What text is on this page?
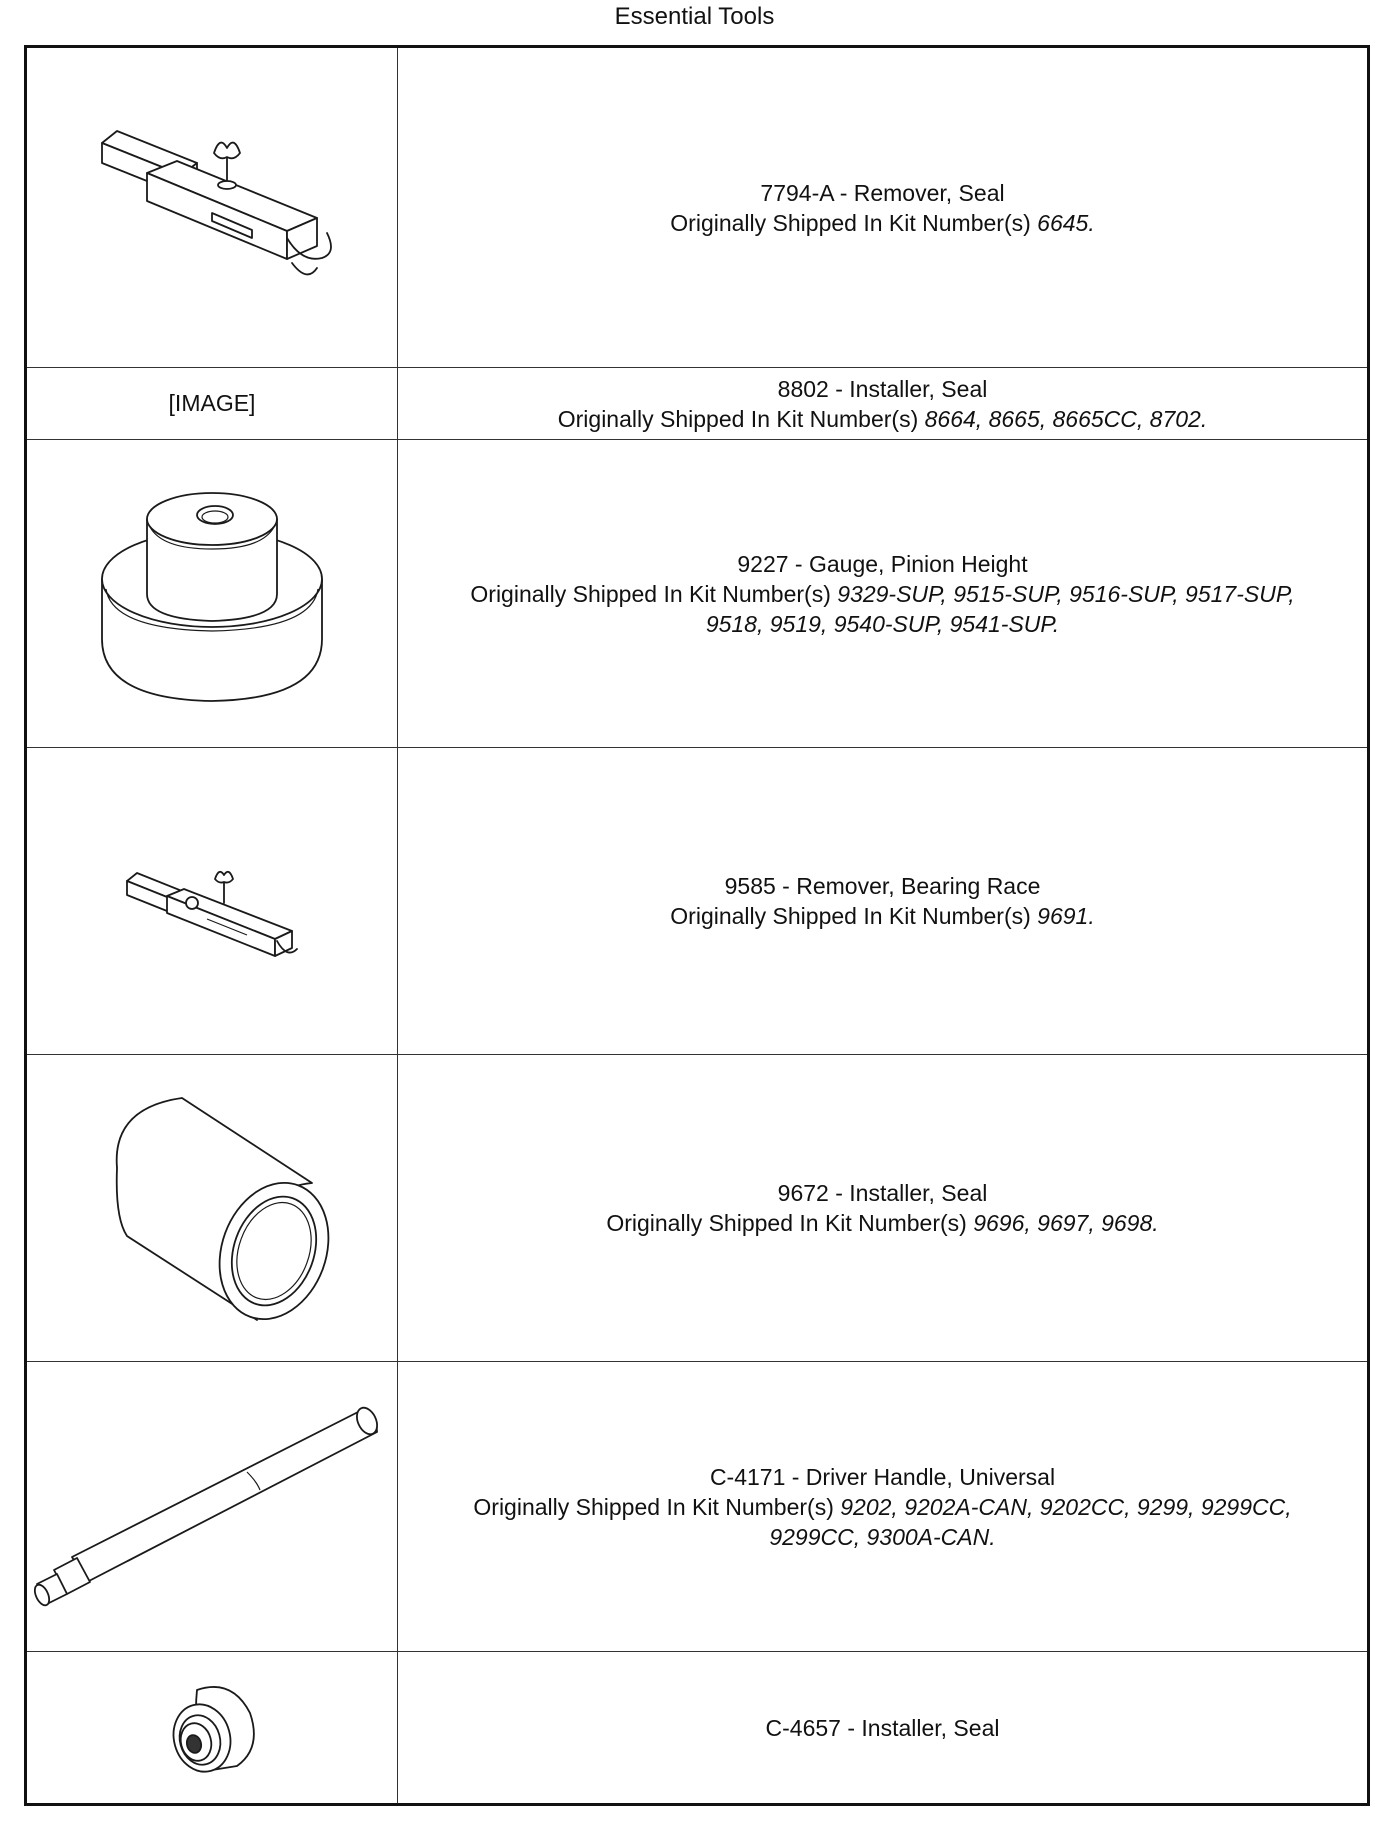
Essential Tools
7794-A - Remover, Seal
Originally Shipped In Kit Number(s) 6645.
[IMAGE]
8802 - Installer, Seal
Originally Shipped In Kit Number(s) 8664, 8665, 8665CC, 8702.
9227 - Gauge, Pinion Height
Originally Shipped In Kit Number(s) 9329-SUP, 9515-SUP, 9516-SUP, 9517-SUP,
9518, 9519, 9540-SUP, 9541-SUP.
9585 - Remover, Bearing Race
Originally Shipped In Kit Number(s) 9691.
9672 - Installer, Seal
Originally Shipped In Kit Number(s) 9696, 9697, 9698.
C-4171 - Driver Handle, Universal
Originally Shipped In Kit Number(s) 9202, 9202A-CAN, 9202CC, 9299, 9299CC,
9299CC, 9300A-CAN.
C-4657 - Installer, Seal
